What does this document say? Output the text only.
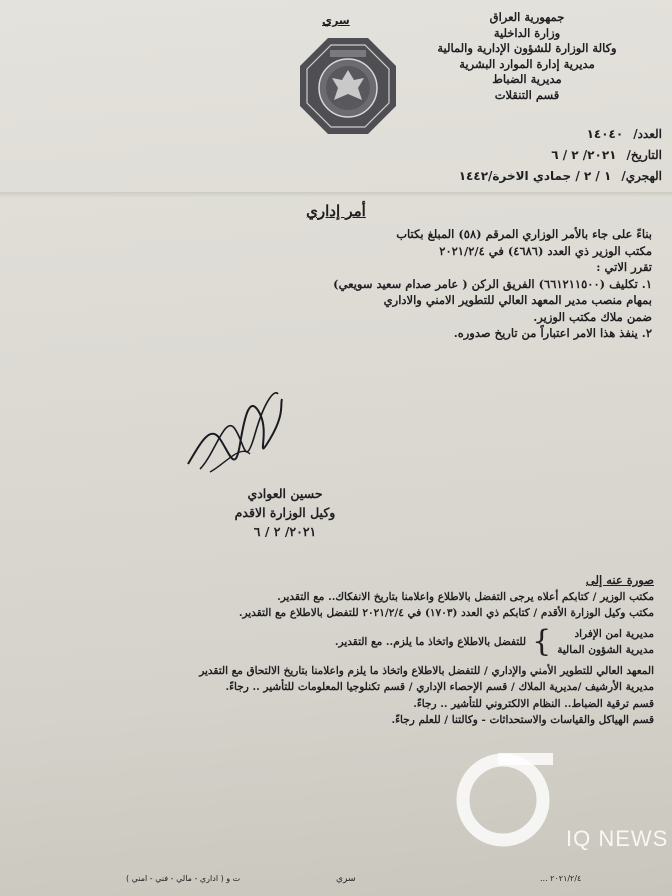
سري	جمهورية العراق
وزارة الداخلية
وكالة الوزارة للشؤون الإدارية والمالية
مديرية إدارة الموارد البشرية
مديرية الضباط
قسم التنقلات
العدد/
١٤٠٤٠
التاريخ/
٢٠٢١/ ٢ / ٦
الهجري/
١ / ٢ / جمادي الاخرة/١٤٤٢
أمر إداري

بناءً على جاء بالأمر الوزاري المرقم (٥٨) المبلغ بكتاب

مكتب الوزير ذي العدد (٤٦٨٦) في ٢٠٢١/٢/٤

تقرر الاتي :

١. تكليف (٦٦١٢١١٥٠٠) الفريق الركن ( عامر صدام سعيد سويعي)

بمهام منصب مدير المعهد العالي للتطوير الامني والاداري

ضمن ملاك مكتب الوزير.

٢. ينفذ هذا الامر اعتباراً من تاريخ صدوره.

حسين العوادي
وكيل الوزارة الاقدم
٢٠٢١/ ٢ / ٦

صورة عنه إلى

مكتب الوزير / كتابكم أعلاه يرجى التفضل بالاطلاع واعلامنا بتاريخ الانفكاك.. مع التقدير.

مكتب وكيل الوزارة الأقدم / كتابكم ذي العدد (١٧٠٣) في ٢٠٢١/٢/٤ للتفضل بالاطلاع مع التقدير.

مديرية امن الإفراد

مديرية الشؤون المالية

}
للتفضل بالاطلاع واتخاذ ما يلزم.. مع التقدير.

المعهد العالي للتطوير الأمني والإداري / للتفضل بالاطلاع واتخاذ ما يلزم واعلامنا بتاريخ الالتحاق مع التقدير

مديرية الأرشيف /مديرية الملاك / قسم الإحصاء الإداري / قسم تكنلوجيا المعلومات للتأشير .. رجاءً.

قسم ترقية الضباط.. النظام الالكتروني للتأشير .. رجاءً.

قسم الهياكل والقياسات والاستحداثات - وكالتنا / للعلم رجاءً.

IQ NEWS
ت و ( اداري - مالي - فني - امني )	سري	٢٠٢١/٢/٤ ...
